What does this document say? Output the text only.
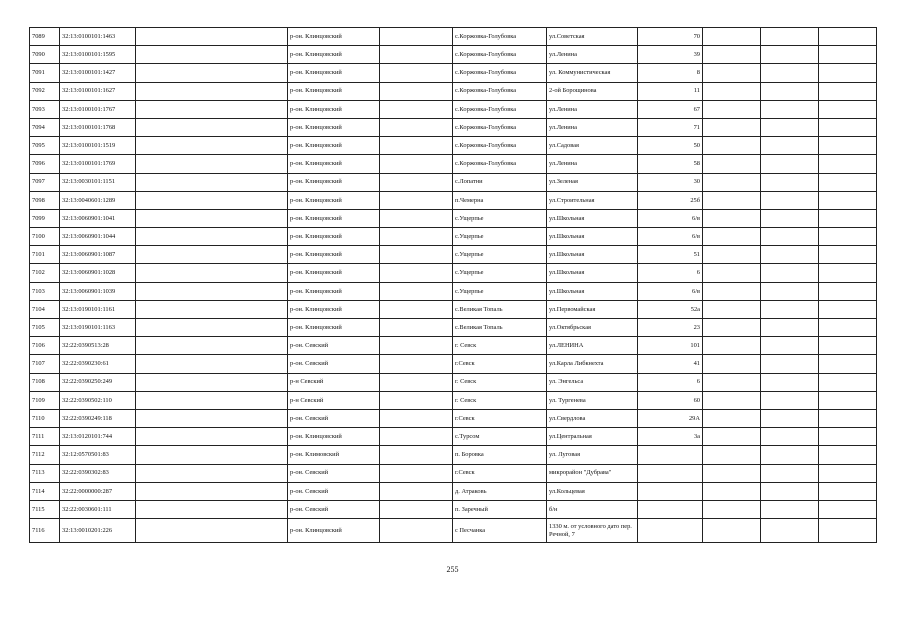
7089	32:13:0100101:1463		р-он. Клинцовский		с.Коржовка-Голубовка	ул.Советская	70			
7090	32:13:0100101:1595		р-он. Клинцовский		с.Коржовка-Голубовка	ул.Ленина	39			
7091	32:13:0100101:1427		р-он. Клинцовский		с.Коржовка-Голубовка	ул. Коммунистическая	8			
7092	32:13:0100101:1627		р-он. Клинцовский		с.Коржовка-Голубовка	2-ой Борощинова	11			
7093	32:13:0100101:1767		р-он. Клинцовский		с.Коржовка-Голубовка	ул.Ленина	67			
7094	32:13:0100101:1768		р-он. Клинцовский		с.Коржовка-Голубовка	ул.Ленина	71			
7095	32:13:0100101:1519		р-он. Клинцовский		с.Коржовка-Голубовка	ул.Садовая	50			
7096	32:13:0100101:1769		р-он. Клинцовский		с.Коржовка-Голубовка	ул.Ленина	58			
7097	32:13:0030101:1151		р-он. Клинцовский		с.Лопатни	ул.Зеленая	30			
7098	32:13:0040601:1289		р-он. Клинцовский		п.Чемерна	ул.Строительная	25б			
7099	32:13:0060901:1041		р-он. Клинцовский		с.Ущерпье	ул.Школьная	6/в			
7100	32:13:0060901:1044		р-он. Клинцовский		с.Ущерпье	ул.Школьная	6/в			
7101	32:13:0060901:1087		р-он. Клинцовский		с.Ущерпье	ул.Школьная	51			
7102	32:13:0060901:1028		р-он. Клинцовский		с.Ущерпье	ул.Школьная	6			
7103	32:13:0060901:1039		р-он. Клинцовский		с.Ущерпье	ул.Школьная	6/в			
7104	32:13:0190101:1161		р-он. Клинцовский		с.Великая Топаль	ул.Первомайская	52а			
7105	32:13:0190101:1163		р-он. Клинцовский		с.Великая Топаль	ул.Октябрьская	23			
7106	32:22:0390513:28		р-он. Севский		г. Севск	ул.ЛЕНИНА	101			
7107	32:22:0390230:61		р-он. Севский		г.Севск	ул.Карла Либкнехта	41			
7108	32:22:0390250:249		р-н Севский		г. Севск	ул. Энгельса	6			
7109	32:22:0390502:110		р-н Севский		г. Севск	ул. Тургенева	60			
7110	32:22:0390249:118		р-он. Севский		г.Севск	ул.Свердлова	29А			
7111	32:13:0120101:744		р-он. Клинцовский		с.Турсом	ул.Центральная	3а			
7112	32:12:0570501:83		р-он. Климовский		п. Боровка	ул. Луговая				
7113	32:22:0390302:83		р-он. Севский		г.Севск	микрорайон "Дубрава"				
7114	32:22:0000000:287		р-он. Севский		д. Атраковь	ул.Кольцевая				
7115	32:22:0030601:111		р-он. Севский		п. Заречный	б/н				
7116	32:13:0010201:226		р-он. Клинцовский		с Песчанка	1330 м. от условного дато пер. Речной, 7				
255
